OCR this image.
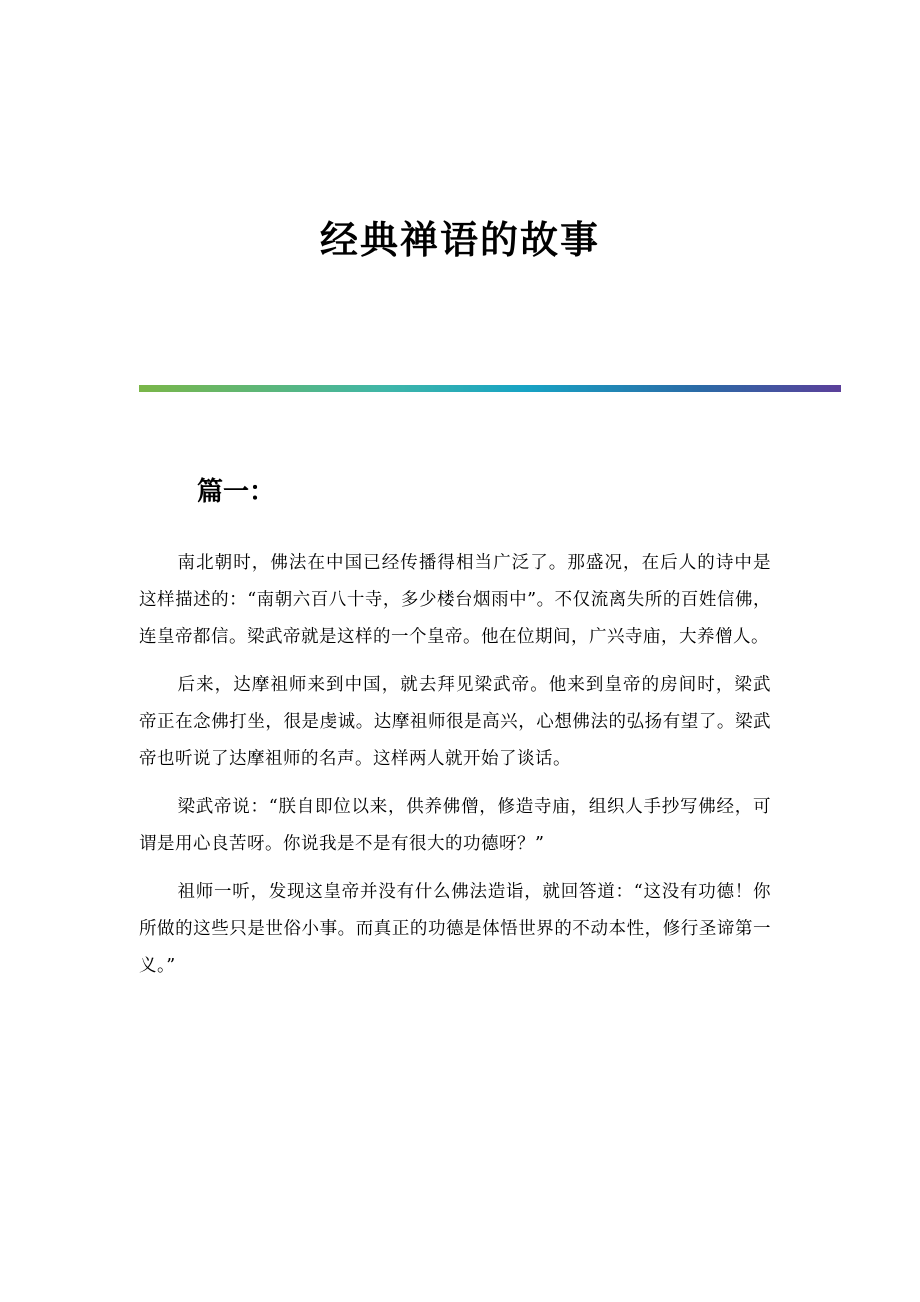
经典禅语的故事
篇一：

南北朝时，佛法在中国已经传播得相当广泛了。那盛况，在后人的诗中是这样描述的：“南朝六百八十寺，多少楼台烟雨中”。不仅流离失所的百姓信佛，连皇帝都信。梁武帝就是这样的一个皇帝。他在位期间，广兴寺庙，大养僧人。

后来，达摩祖师来到中国，就去拜见梁武帝。他来到皇帝的房间时，梁武帝正在念佛打坐，很是虔诚。达摩祖师很是高兴，心想佛法的弘扬有望了。梁武帝也听说了达摩祖师的名声。这样两人就开始了谈话。

梁武帝说：“朕自即位以来，供养佛僧，修造寺庙，组织人手抄写佛经，可谓是用心良苦呀。你说我是不是有很大的功德呀？”

祖师一听，发现这皇帝并没有什么佛法造诣，就回答道：“这没有功德！你所做的这些只是世俗小事。而真正的功德是体悟世界的不动本性，修行圣谛第一义。”
